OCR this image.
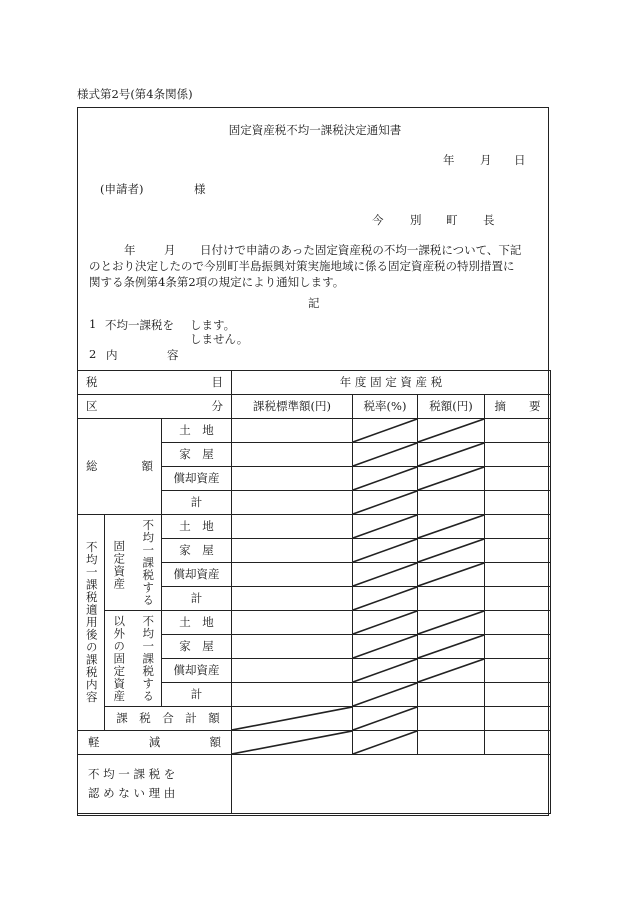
様式第2号(第4条関係)
固定資産税不均一課税決定通知書
年 月 日
(申請者)	様
今 別 町 長
年 月 日付けで申請のあった固定資産税の不均一課税について、下記
のとおり決定したので今別町半島振興対策実施地域に係る固定資産税の特別措置に
関する条例第4条第2項の規定により通知します。
記
1 不均一課税を します。
しません。
2 内	容
税 目			年 度 固 定 資 産 税			

区 分			課税標準額(円)	税率(%)	税額(円)	摘　　要

総 額		土　地		

		家　屋		

		償却資産		

		計		

不均一課税適用後の課税内容	固定資産 不均一課税する	土　地		

		家　屋		

		償却資産		

		計		

	以外の固定資産 不均一課税する	土　地		

		家　屋		

		償却資産		

		計		

	課　税　合　計　額	

軽 減 額

不 均 一 課 税 を
認 め な い 理 由						
